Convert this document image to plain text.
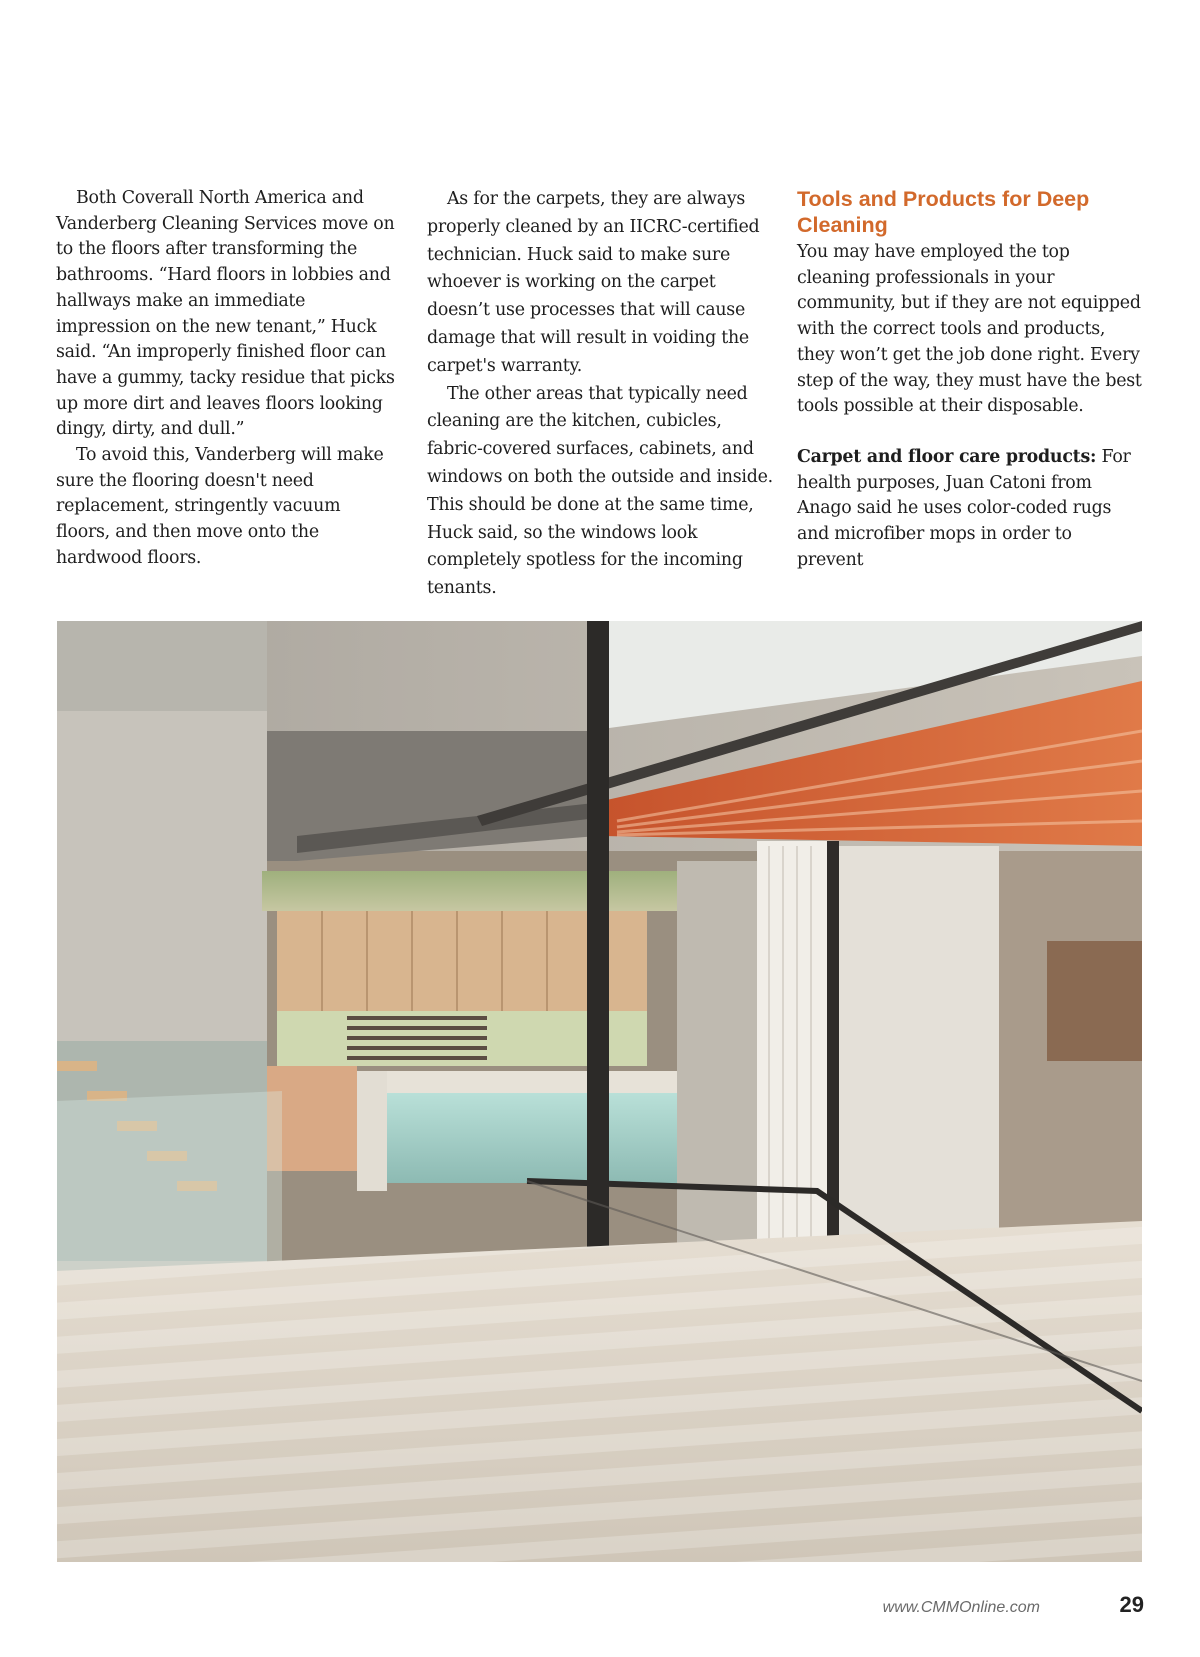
Both Coverall North America and Vanderberg Cleaning Services move on to the floors after transforming the bathrooms. “Hard floors in lobbies and hallways make an immediate impression on the new tenant,” Huck said. “An improperly finished floor can have a gummy, tacky residue that picks up more dirt and leaves floors looking dingy, dirty, and dull.”

To avoid this, Vanderberg will make sure the flooring doesn't need replacement, stringently vacuum floors, and then move onto the hardwood floors.

As for the carpets, they are always properly cleaned by an IICRC-certified technician. Huck said to make sure whoever is working on the carpet doesn’t use processes that will cause damage that will result in voiding the carpet's warranty.

The other areas that typically need cleaning are the kitchen, cubicles, fabric-covered surfaces, cabinets, and windows on both the outside and inside. This should be done at the same time, Huck said, so the windows look completely spotless for the incoming tenants.

Tools and Products for Deep Cleaning

You may have employed the top cleaning professionals in your community, but if they are not equipped with the correct tools and products, they won’t get the job done right. Every step of the way, they must have the best tools possible at their disposable.

Carpet and floor care products: For health purposes, Juan Catoni from Anago said he uses color-coded rugs and microfiber mops in order to prevent

www.CMMOnline.com	29
